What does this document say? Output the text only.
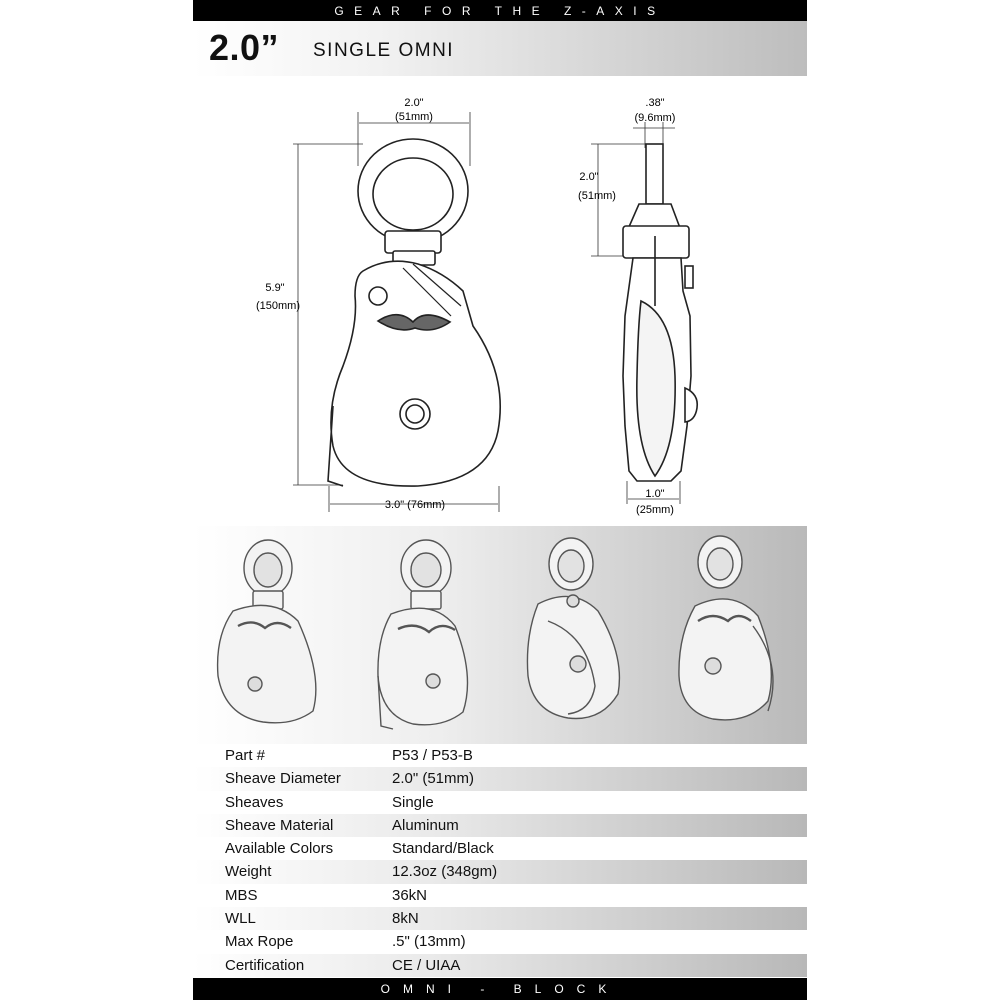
GEAR FOR THE Z-AXIS
2.0” SINGLE OMNI
2.0"
(51mm)
5.9"
(150mm)
3.0" (76mm)
.38"
(9.6mm)
2.0"
(51mm)
1.0"
(25mm)
Part #	P53 / P53-B
Sheave Diameter	2.0" (51mm)
Sheaves	Single
Sheave Material	Aluminum
Available Colors	Standard/Black
Weight	12.3oz (348gm)
MBS	36kN
WLL	8kN
Max Rope	.5" (13mm)
Certification	CE / UIAA
OMNI - BLOCK
